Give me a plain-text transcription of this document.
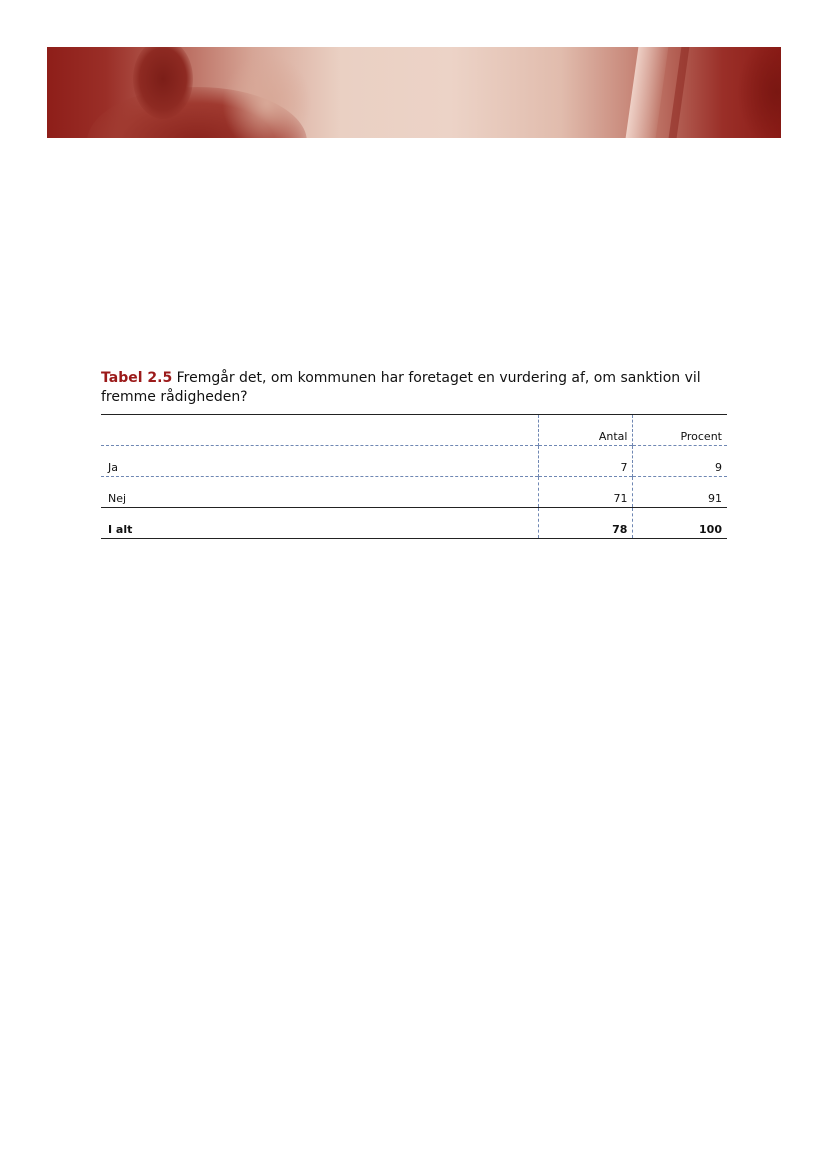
Tabel 2.5 Fremgår det, om kommunen har foretaget en vurdering af, om sanktion vil fremme rådigheden?
	Antal	Procent
Ja	7	9
Nej	71	91
I alt	78	100
